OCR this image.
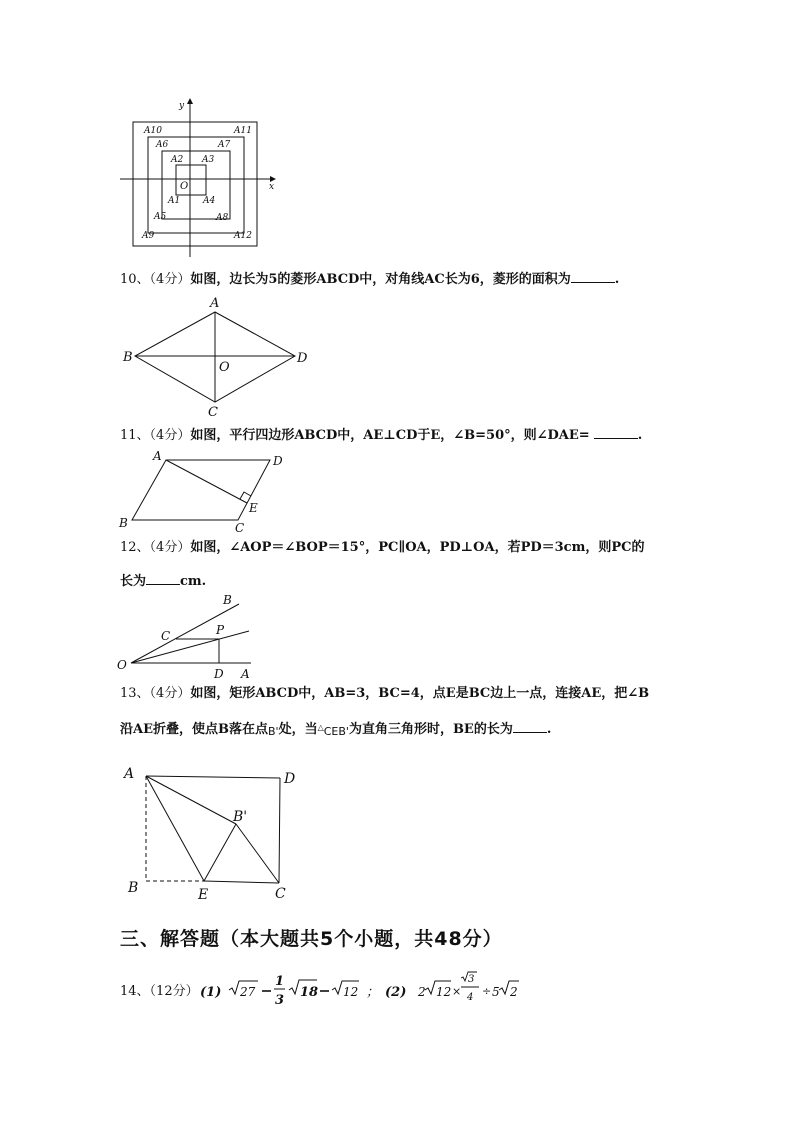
y
x
O
A1
A2 A3
A4
A5
A6	A7
A8
A9
A10	A11
A12
10、（4分）如图，边长为5的菱形ABCD中，对角线AC长为6，菱形的面积为	.
A
B
C
D
O
11、（4分）如图，平行四边形ABCD中，AE⊥CD于E，∠B=50°，则∠DAE=	.
A
B	C
D
E
12、（4分）如图，∠AOP＝∠BOP＝15°，PC∥OA，PD⊥OA，若PD＝3cm，则PC的
长为	cm.
O
A
B
C
D
P
13、（4分）如图，矩形ABCD中，AB=3，BC=4，点E是BC边上一点，连接AE，把∠B
沿AE折叠，使点B落在点B'处，当△CEB'为直角三角形时，BE的长为	.
A
B	C
D
E
B'
三、解答题（本大题共5个小题，共48分）
14、（12分） (1) 27
1
3
18 12 ； (2) 2 12 ×
3
4 ÷ 5 2
